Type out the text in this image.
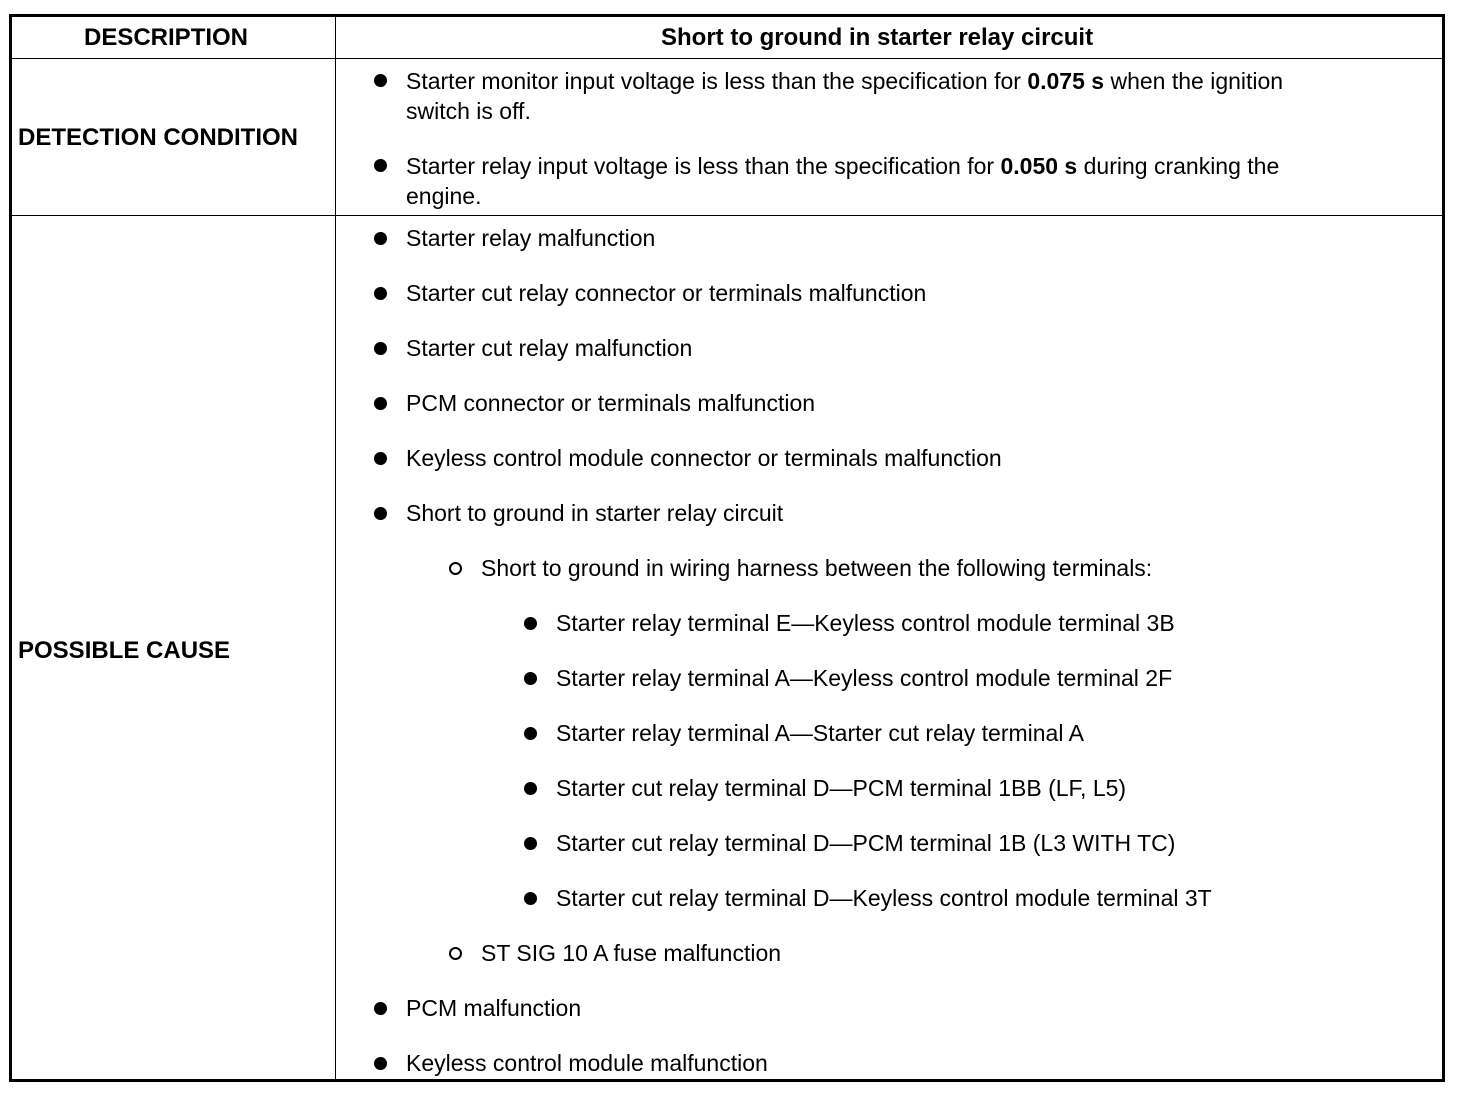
DESCRIPTION	Short to ground in starter relay circuit
DETECTION CONDITION
Starter monitor input voltage is less than the specification for 0.075 s when the ignition
switch is off.
Starter relay input voltage is less than the specification for 0.050 s during cranking the
engine.
POSSIBLE CAUSE
Starter relay malfunction
Starter cut relay connector or terminals malfunction
Starter cut relay malfunction
PCM connector or terminals malfunction
Keyless control module connector or terminals malfunction
Short to ground in starter relay circuit
Short to ground in wiring harness between the following terminals:
Starter relay terminal E—Keyless control module terminal 3B
Starter relay terminal A—Keyless control module terminal 2F
Starter relay terminal A—Starter cut relay terminal A
Starter cut relay terminal D—PCM terminal 1BB (LF, L5)
Starter cut relay terminal D—PCM terminal 1B (L3 WITH TC)
Starter cut relay terminal D—Keyless control module terminal 3T
ST SIG 10 A fuse malfunction
PCM malfunction
Keyless control module malfunction
